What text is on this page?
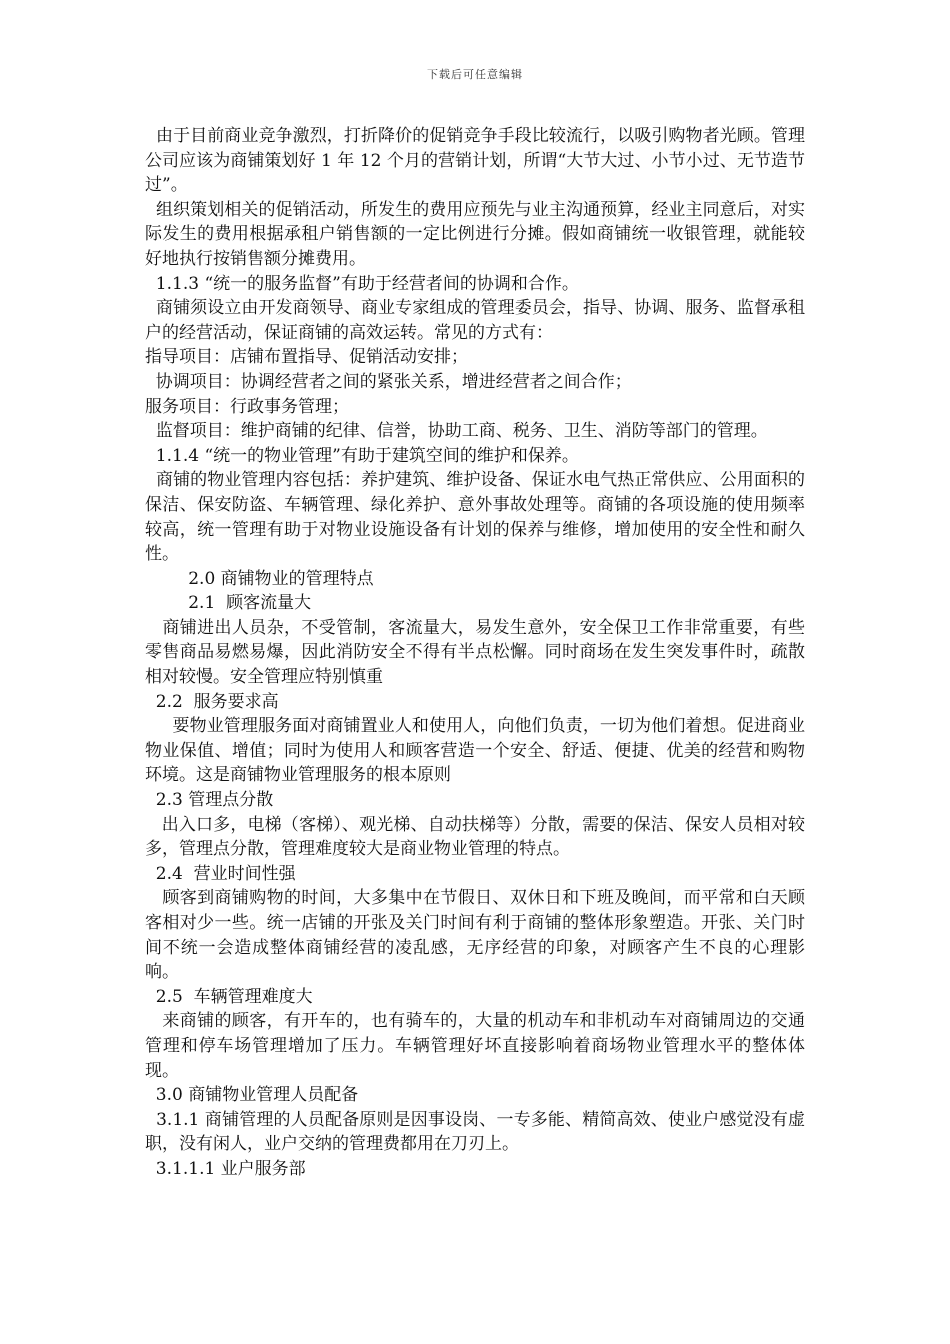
下载后可任意编辑

由于目前商业竞争激烈，打折降价的促销竞争手段比较流行，以吸引购物者光顾。管理公司应该为商铺策划好 1 年 12 个月的营销计划，所谓“大节大过、小节小过、无节造节过”。

组织策划相关的促销活动，所发生的费用应预先与业主沟通预算，经业主同意后，对实际发生的费用根据承租户销售额的一定比例进行分摊。假如商铺统一收银管理，就能较好地执行按销售额分摊费用。

1.1.3 “统一的服务监督”有助于经营者间的协调和合作。

商铺须设立由开发商领导、商业专家组成的管理委员会，指导、协调、服务、监督承租户的经营活动，保证商铺的高效运转。常见的方式有：

指导项目：店铺布置指导、促销活动安排；

协调项目：协调经营者之间的紧张关系，增进经营者之间合作；

服务项目：行政事务管理；

监督项目：维护商铺的纪律、信誉，协助工商、税务、卫生、消防等部门的管理。

1.1.4 “统一的物业管理”有助于建筑空间的维护和保养。

商铺的物业管理内容包括：养护建筑、维护设备、保证水电气热正常供应、公用面积的保洁、保安防盗、车辆管理、绿化养护、意外事故处理等。商铺的各项设施的使用频率较高，统一管理有助于对物业设施设备有计划的保养与维修，增加使用的安全性和耐久性。

2.0 商铺物业的管理特点

2.1  顾客流量大

商铺进出人员杂，不受管制，客流量大，易发生意外，安全保卫工作非常重要，有些零售商品易燃易爆，因此消防安全不得有半点松懈。同时商场在发生突发事件时，疏散相对较慢。安全管理应特别慎重

2.2  服务要求高

要物业管理服务面对商铺置业人和使用人，向他们负责，一切为他们着想。促进商业物业保值、增值；同时为使用人和顾客营造一个安全、舒适、便捷、优美的经营和购物环境。这是商铺物业管理服务的根本原则

2.3 管理点分散

出入口多，电梯（客梯）、观光梯、自动扶梯等）分散，需要的保洁、保安人员相对较多，管理点分散，管理难度较大是商业物业管理的特点。

2.4  营业时间性强

顾客到商铺购物的时间，大多集中在节假日、双休日和下班及晚间，而平常和白天顾客相对少一些。统一店铺的开张及关门时间有利于商铺的整体形象塑造。开张、关门时间不统一会造成整体商铺经营的凌乱感，无序经营的印象，对顾客产生不良的心理影响。

2.5  车辆管理难度大

来商铺的顾客，有开车的，也有骑车的，大量的机动车和非机动车对商铺周边的交通管理和停车场管理增加了压力。车辆管理好坏直接影响着商场物业管理水平的整体体现。

3.0 商铺物业管理人员配备

3.1.1 商铺管理的人员配备原则是因事设岗、一专多能、精简高效、使业户感觉没有虚职，没有闲人，业户交纳的管理费都用在刀刃上。

3.1.1.1 业户服务部
